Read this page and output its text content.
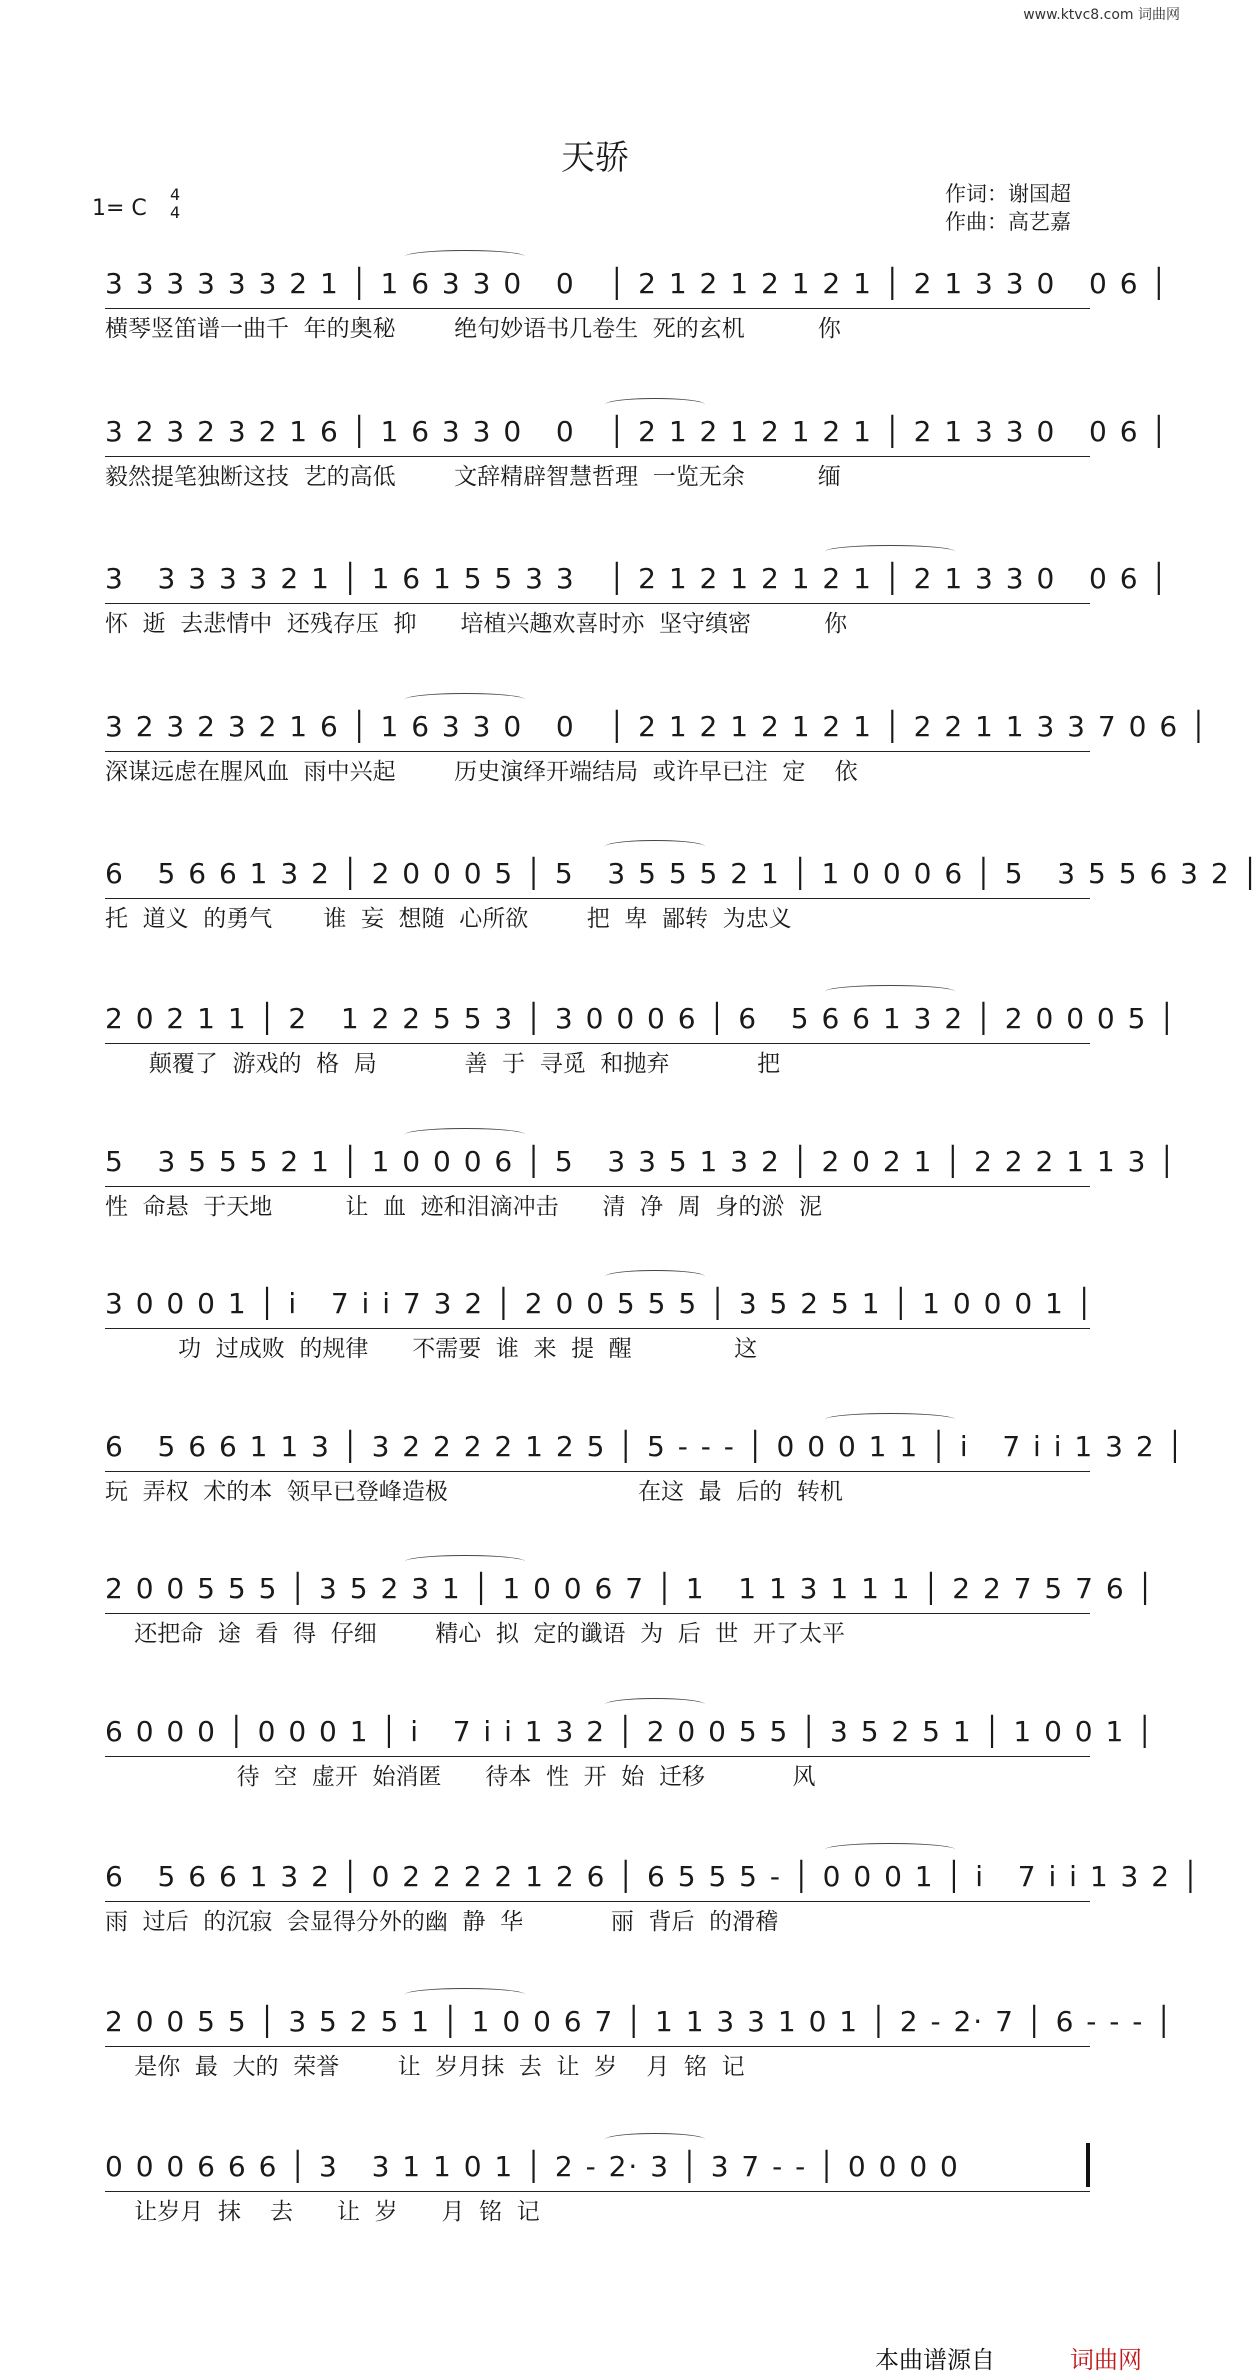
www.ktvc8.com 词曲网
天骄
1= C
4
4
作词：谢国超
作曲：高艺嘉
3 3 3 3 3 3 2 1 │ 1 6 3 3 0   0   │ 2 1 2 1 2 1 2 1 │ 2 1 3 3 0   0 6 │
横琴竖笛谱一曲千  年的奥秘        绝句妙语书几卷生  死的玄机          你
3 2 3 2 3 2 1 6 │ 1 6 3 3 0   0   │ 2 1 2 1 2 1 2 1 │ 2 1 3 3 0   0 6 │
毅然提笔独断这技  艺的高低        文辞精辟智慧哲理  一览无余          缅
3   3 3 3 3 2 1 │ 1 6 1 5 5 3 3   │ 2 1 2 1 2 1 2 1 │ 2 1 3 3 0   0 6 │
怀  逝  去悲情中  还残存压  抑      培植兴趣欢喜时亦  坚守缜密          你
3 2 3 2 3 2 1 6 │ 1 6 3 3 0   0   │ 2 1 2 1 2 1 2 1 │ 2 2 1 1 3 3 7 0 6 │
深谋远虑在腥风血  雨中兴起        历史演绎开端结局  或许早已注  定    依
6   5 6 6 1 3 2 │ 2 0 0 0 5 │ 5   3 5 5 5 2 1 │ 1 0 0 0 6 │ 5   3 5 5 6 3 2 │
托  道义  的勇气       谁  妄  想随  心所欲        把  卑  鄙转  为忠义
2 0 2 1 1 │ 2   1 2 2 5 5 3 │ 3 0 0 0 6 │ 6   5 6 6 1 3 2 │ 2 0 0 0 5 │
颠覆了  游戏的  格  局            善  于  寻觅  和抛弃            把
5   3 5 5 5 2 1 │ 1 0 0 0 6 │ 5   3 3 5 1 3 2 │ 2 0 2 1 │ 2 2 2 1 1 3 │
性  命悬  于天地          让  血  迹和泪滴冲击      清  净  周  身的淤  泥
3 0 0 0 1 │ i   7 i i 7 3 2 │ 2 0 0 5 5 5 │ 3 5 2 5 1 │ 1 0 0 0 1 │
功  过成败  的规律      不需要  谁  来  提  醒              这
6   5 6 6 1 1 3 │ 3 2 2 2 2 1 2 5 │ 5 - - - │ 0 0 0 1 1 │ i   7 i i 1 3 2 │
玩  弄权  术的本  领早已登峰造极                          在这  最  后的  转机
2 0 0 5 5 5 │ 3 5 2 3 1 │ 1 0 0 6 7 │ 1   1 1 3 1 1 1 │ 2 2 7 5 7 6 │
还把命  途  看  得  仔细        精心  拟  定的谶语  为  后  世  开了太平
6 0 0 0 │ 0 0 0 1 │ i   7 i i 1 3 2 │ 2 0 0 5 5 │ 3 5 2 5 1 │ 1 0 0 1 │
待  空  虚开  始消匿      待本  性  开  始  迁移            风
6   5 6 6 1 3 2 │ 0 2 2 2 2 1 2 6 │ 6 5 5 5 - │ 0 0 0 1 │ i   7 i i 1 3 2 │
雨  过后  的沉寂  会显得分外的幽  静  华            丽  背后  的滑稽
2 0 0 5 5 │ 3 5 2 5 1 │ 1 0 0 6 7 │ 1 1 3 3 1 0 1 │ 2 - 2· 7 │ 6 - - - │
是你  最  大的  荣誉        让  岁月抹  去  让  岁    月  铭  记
0 0 0 6 6 6 │ 3   3 1 1 0 1 │ 2 - 2· 3 │ 3 7 - - │ 0 0 0 0
让岁月  抹    去      让  岁      月  铭  记
本曲谱源自	词曲网
